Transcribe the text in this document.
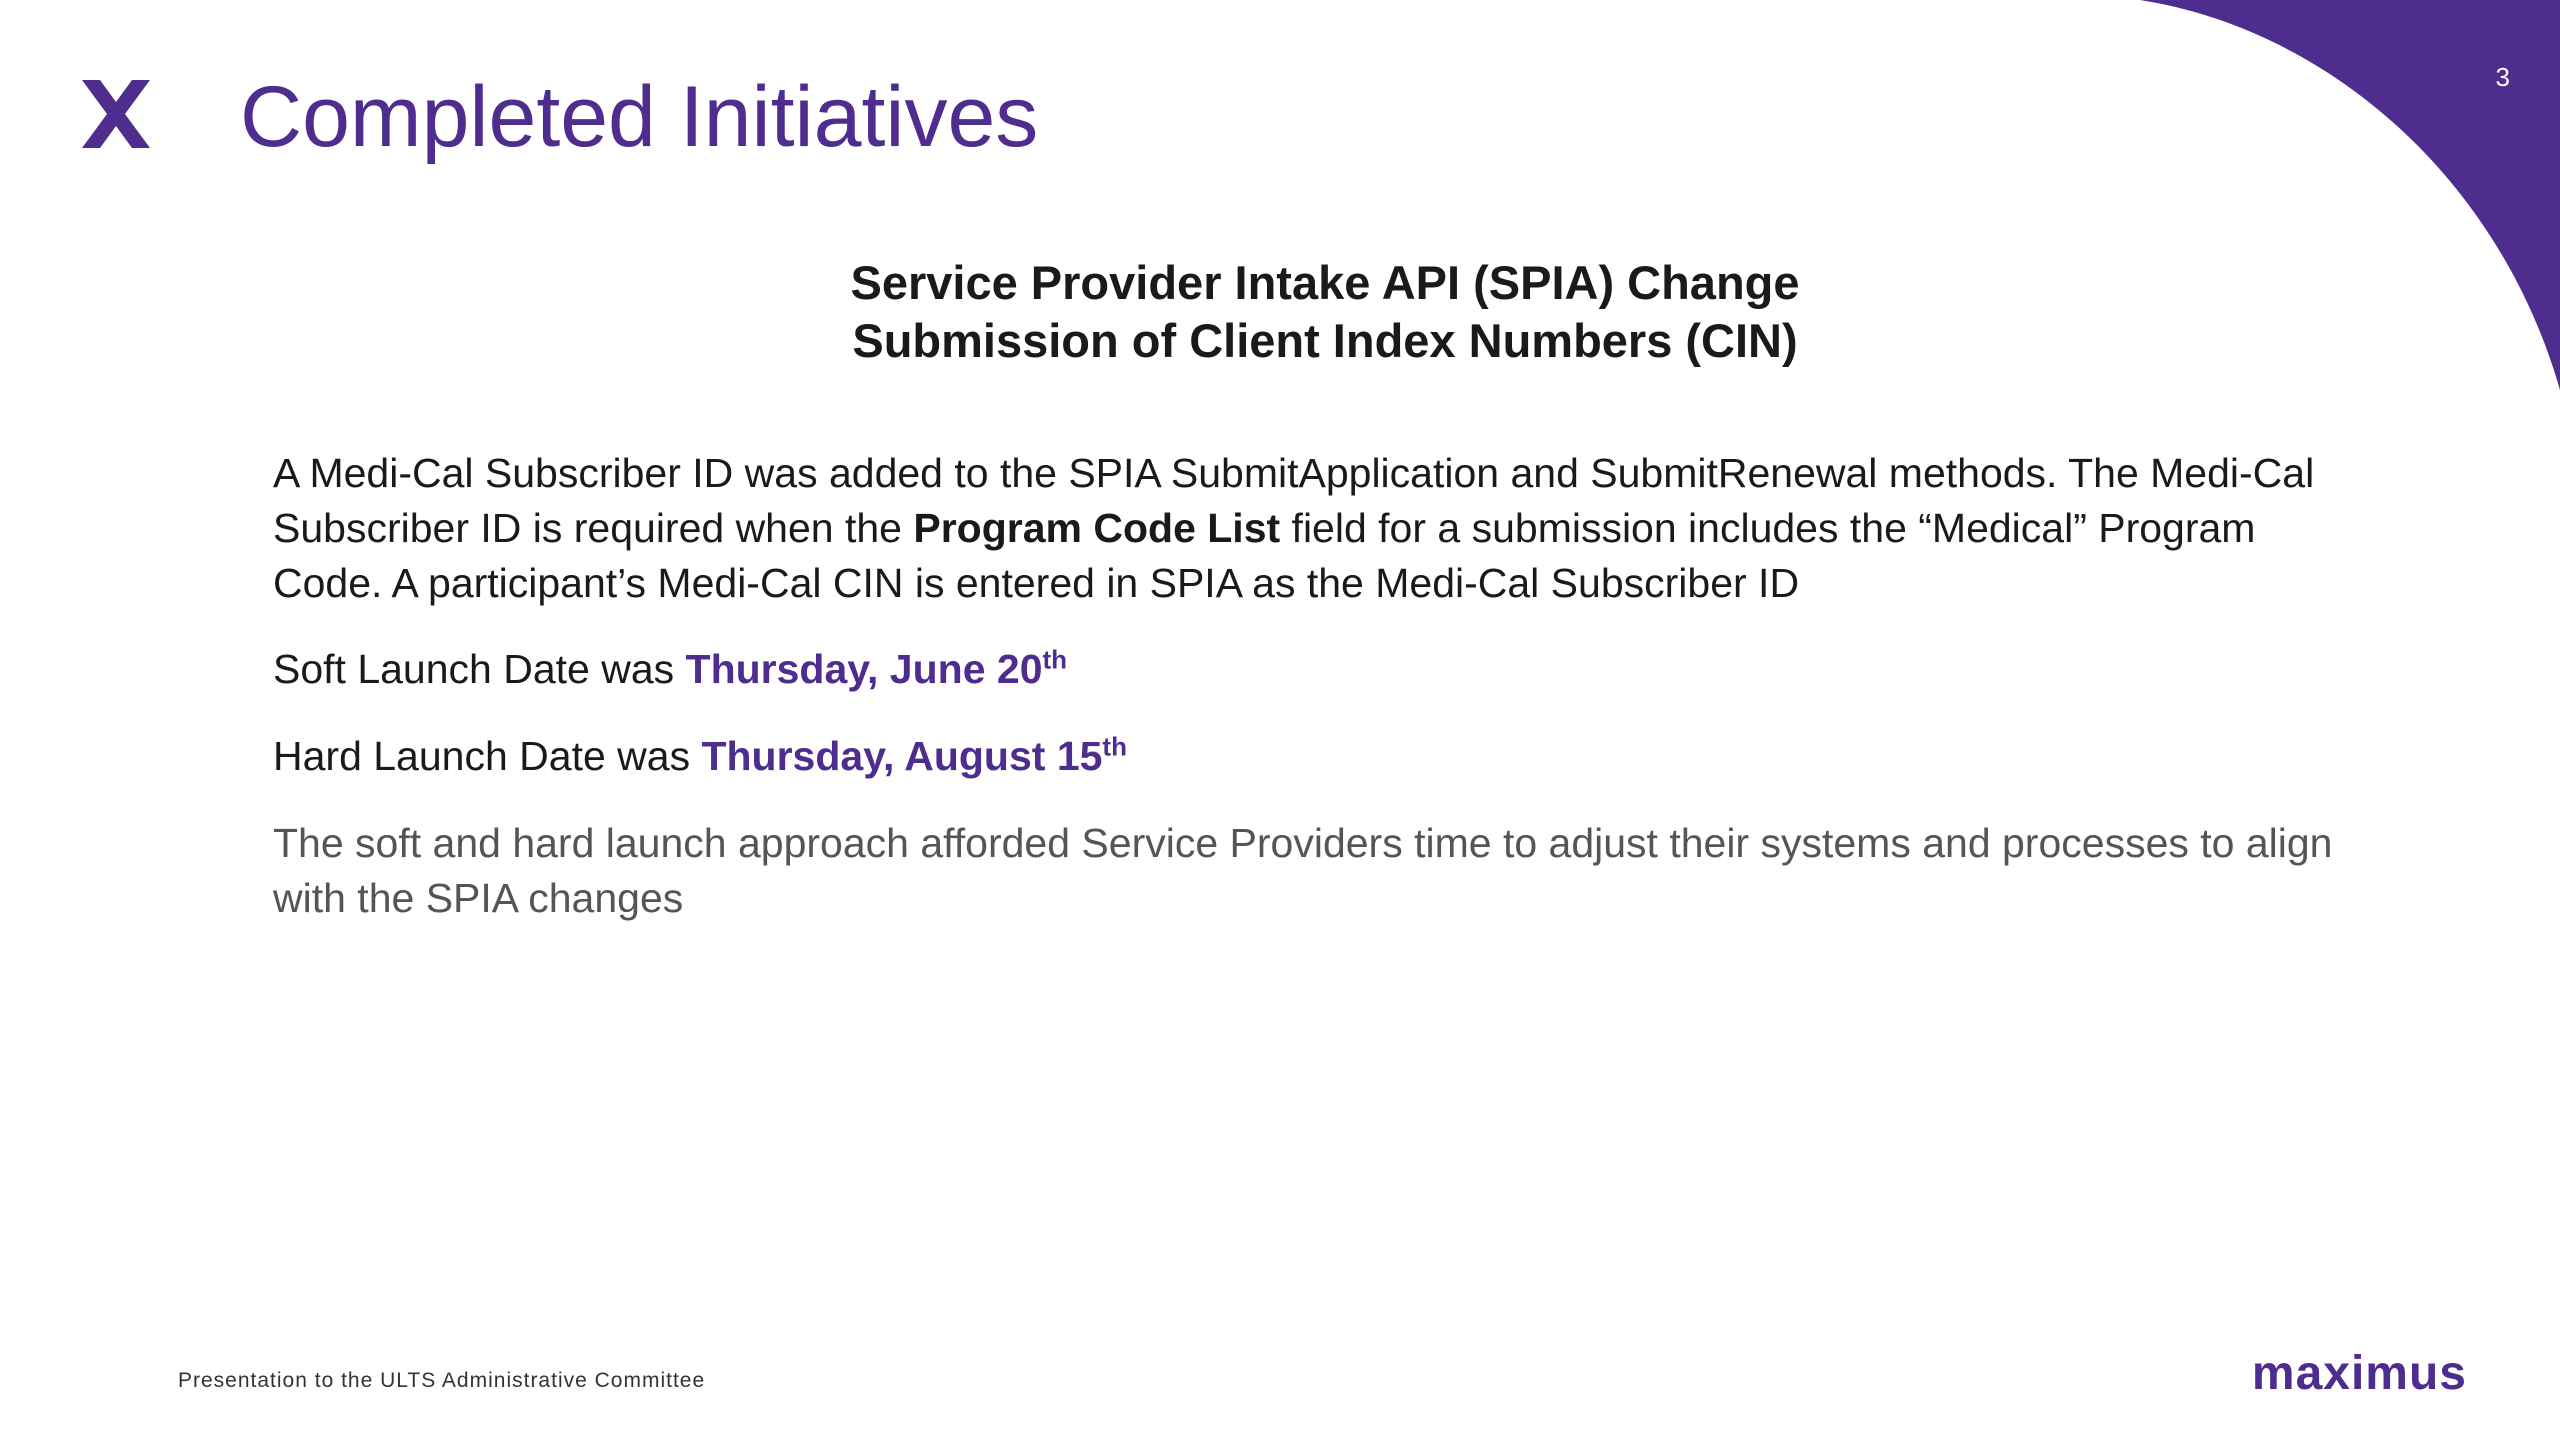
3
Completed Initiatives
Service Provider Intake API (SPIA) Change
Submission of Client Index Numbers (CIN)
A Medi-Cal Subscriber ID was added to the SPIA SubmitApplication and SubmitRenewal methods. The Medi-Cal Subscriber ID is required when the Program Code List field for a submission includes the “Medical” Program Code. A participant’s Medi-Cal CIN is entered in SPIA as the Medi-Cal Subscriber ID
Soft Launch Date was Thursday, June 20th
Hard Launch Date was Thursday, August 15th
The soft and hard launch approach afforded Service Providers time to adjust their systems and processes to align with the SPIA changes
Presentation to the ULTS Administrative Committee	maximus
